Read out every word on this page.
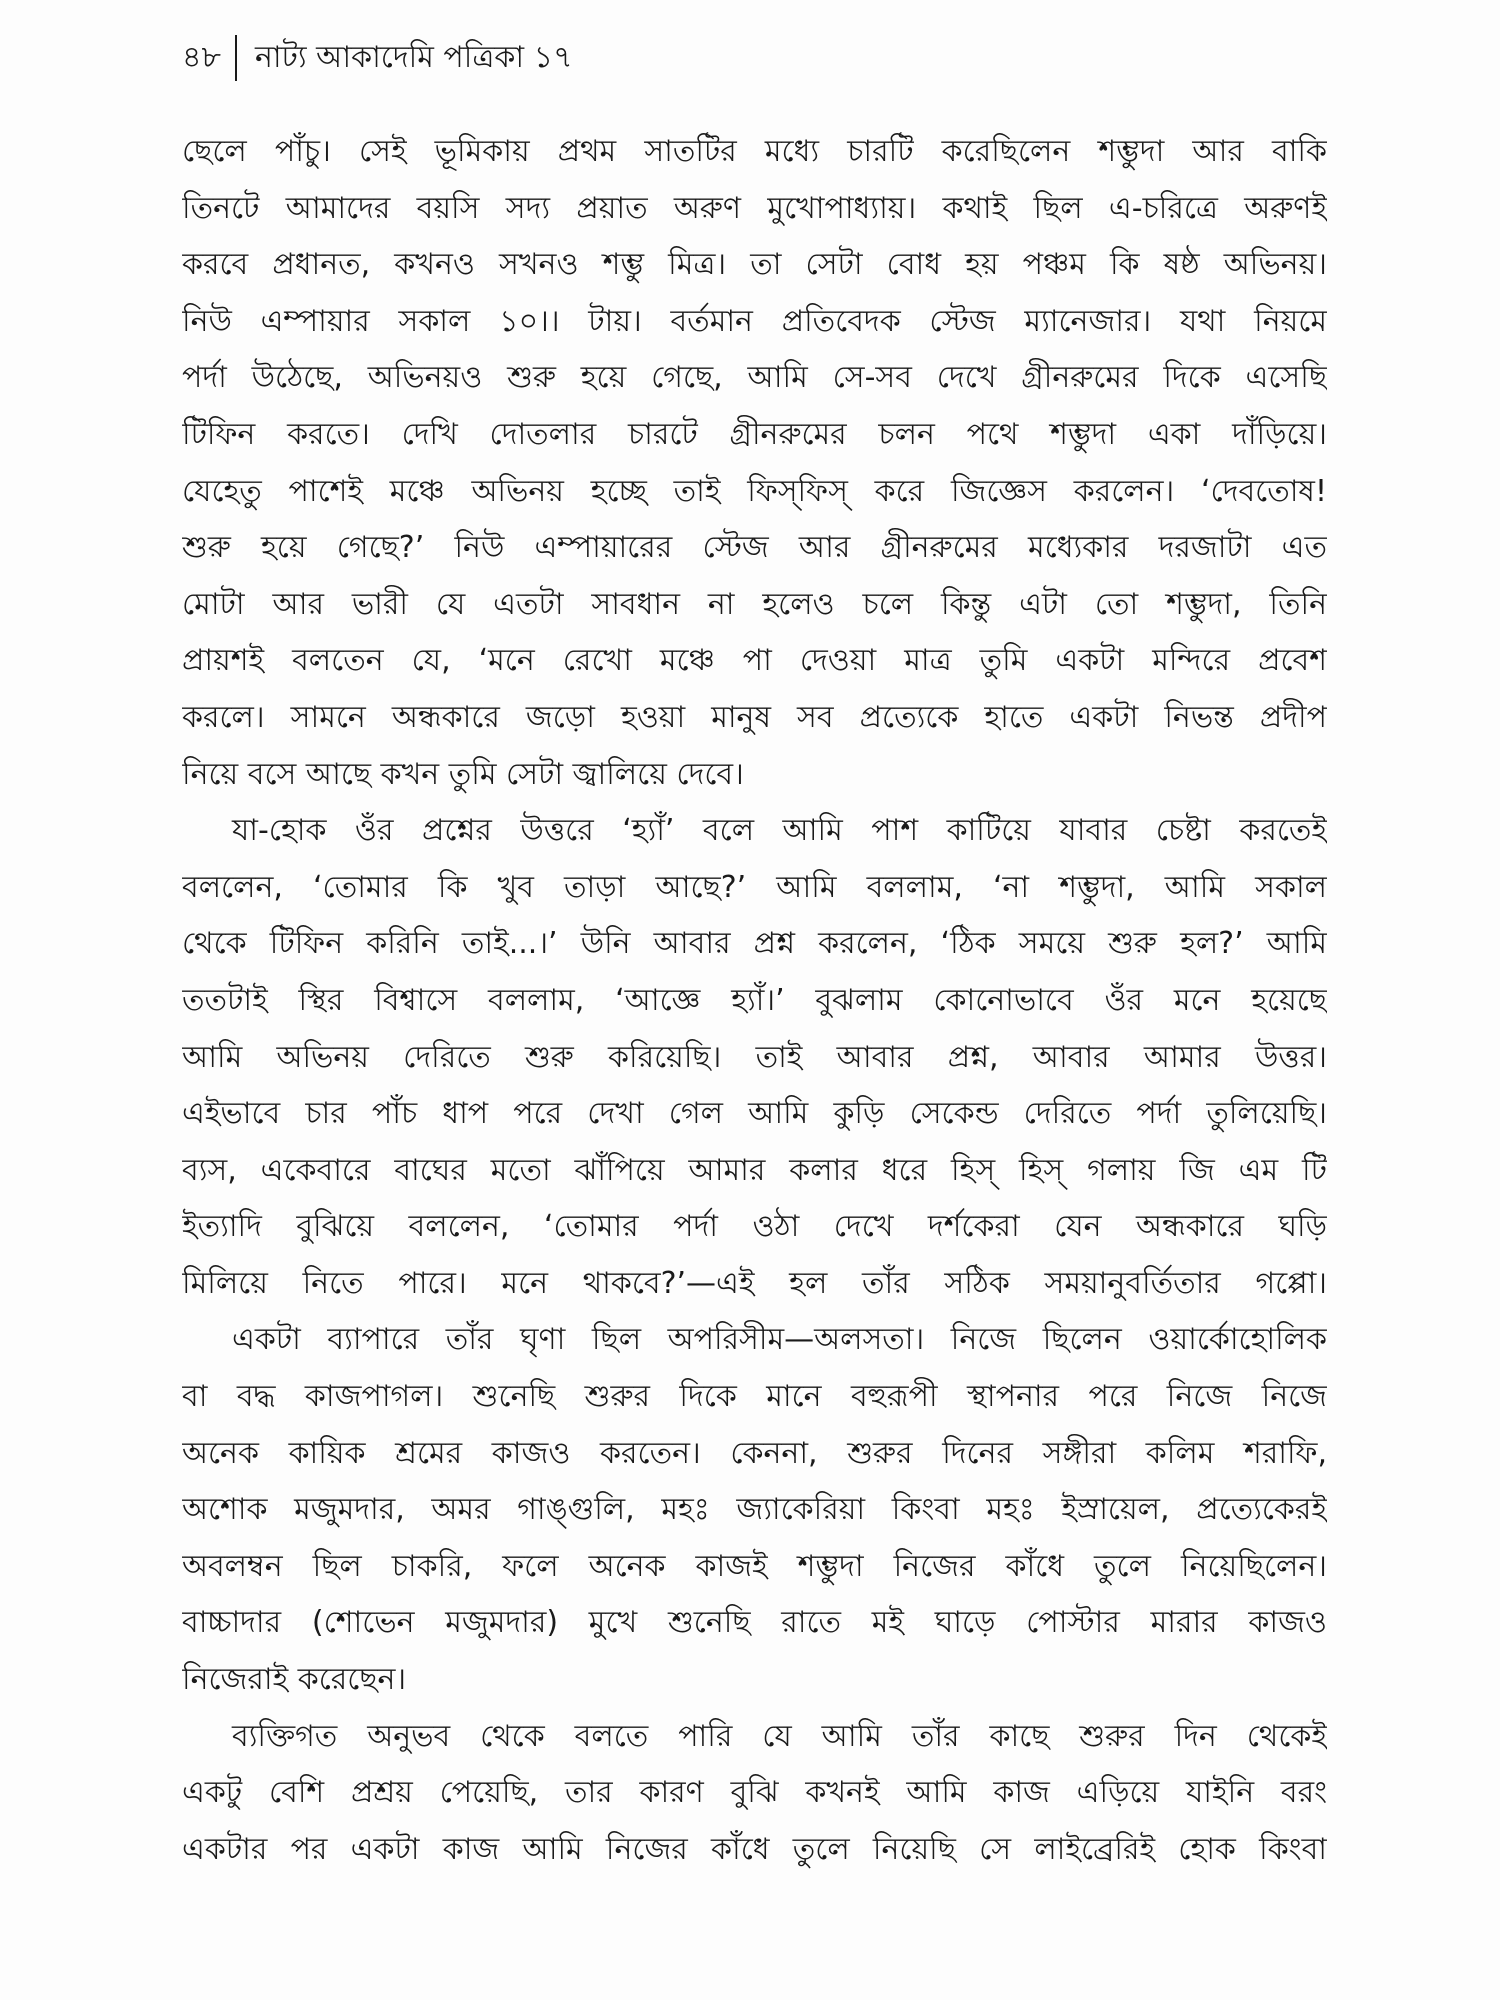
৪৮	নাট্য আকাদেমি পত্রিকা ১৭
ছেলে পাঁচু। সেই ভূমিকায় প্রথম সাতটির মধ্যে চারটি করেছিলেন শম্ভুদা আর বাকি
তিনটে আমাদের বয়সি সদ্য প্রয়াত অরুণ মুখোপাধ্যায়। কথাই ছিল এ-চরিত্রে অরুণই
করবে প্রধানত, কখনও সখনও শম্ভু মিত্র। তা সেটা বোধ হয় পঞ্চম কি ষষ্ঠ অভিনয়।
নিউ এম্পায়ার সকাল ১০।। টায়। বর্তমান প্রতিবেদক স্টেজ ম্যানেজার। যথা নিয়মে
পর্দা উঠেছে, অভিনয়ও শুরু হয়ে গেছে, আমি সে-সব দেখে গ্রীনরুমের দিকে এসেছি
টিফিন করতে। দেখি দোতলার চারটে গ্রীনরুমের চলন পথে শম্ভুদা একা দাঁড়িয়ে।
যেহেতু পাশেই মঞ্চে অভিনয় হচ্ছে তাই ফিস্‌ফিস্ করে জিজ্ঞেস করলেন। ‘দেবতোষ!
শুরু হয়ে গেছে?’ নিউ এম্পায়ারের স্টেজ আর গ্রীনরুমের মধ্যেকার দরজাটা এত
মোটা আর ভারী যে এতটা সাবধান না হলেও চলে কিন্তু এটা তো শম্ভুদা, তিনি
প্রায়শই বলতেন যে, ‘মনে রেখো মঞ্চে পা দেওয়া মাত্র তুমি একটা মন্দিরে প্রবেশ
করলে। সামনে অন্ধকারে জড়ো হওয়া মানুষ সব প্রত্যেকে হাতে একটা নিভন্ত প্রদীপ
নিয়ে বসে আছে কখন তুমি সেটা জ্বালিয়ে দেবে।
যা-হোক ওঁর প্রশ্নের উত্তরে ‘হ্যাঁ’ বলে আমি পাশ কাটিয়ে যাবার চেষ্টা করতেই
বললেন, ‘তোমার কি খুব তাড়া আছে?’ আমি বললাম, ‘না শম্ভুদা, আমি সকাল
থেকে টিফিন করিনি তাই...।’ উনি আবার প্রশ্ন করলেন, ‘ঠিক সময়ে শুরু হল?’ আমি
ততটাই স্থির বিশ্বাসে বললাম, ‘আজ্ঞে হ্যাঁ।’ বুঝলাম কোনোভাবে ওঁর মনে হয়েছে
আমি অভিনয় দেরিতে শুরু করিয়েছি। তাই আবার প্রশ্ন, আবার আমার উত্তর।
এইভাবে চার পাঁচ ধাপ পরে দেখা গেল আমি কুড়ি সেকেন্ড দেরিতে পর্দা তুলিয়েছি।
ব্যস, একেবারে বাঘের মতো ঝাঁপিয়ে আমার কলার ধরে হিস্ হিস্ গলায় জি এম টি
ইত্যাদি বুঝিয়ে বললেন, ‘তোমার পর্দা ওঠা দেখে দর্শকেরা যেন অন্ধকারে ঘড়ি
মিলিয়ে নিতে পারে। মনে থাকবে?’—এই হল তাঁর সঠিক সময়ানুবর্তিতার গপ্পো।
একটা ব্যাপারে তাঁর ঘৃণা ছিল অপরিসীম—অলসতা। নিজে ছিলেন ওয়ার্কোহোলিক
বা বদ্ধ কাজপাগল। শুনেছি শুরুর দিকে মানে বহুরূপী স্থাপনার পরে নিজে নিজে
অনেক কায়িক শ্রমের কাজও করতেন। কেননা, শুরুর দিনের সঙ্গীরা কলিম শরাফি,
অশোক মজুমদার, অমর গাঙ্গুলি, মহঃ জ্যাকেরিয়া কিংবা মহঃ ইস্রায়েল, প্রত্যেকেরই
অবলম্বন ছিল চাকরি, ফলে অনেক কাজই শম্ভুদা নিজের কাঁধে তুলে নিয়েছিলেন।
বাচ্চাদার (শোভেন মজুমদার) মুখে শুনেছি রাতে মই ঘাড়ে পোস্টার মারার কাজও
নিজেরাই করেছেন।
ব্যক্তিগত অনুভব থেকে বলতে পারি যে আমি তাঁর কাছে শুরুর দিন থেকেই
একটু বেশি প্রশ্রয় পেয়েছি, তার কারণ বুঝি কখনই আমি কাজ এড়িয়ে যাইনি বরং
একটার পর একটা কাজ আমি নিজের কাঁধে তুলে নিয়েছি সে লাইব্রেরিই হোক কিংবা
